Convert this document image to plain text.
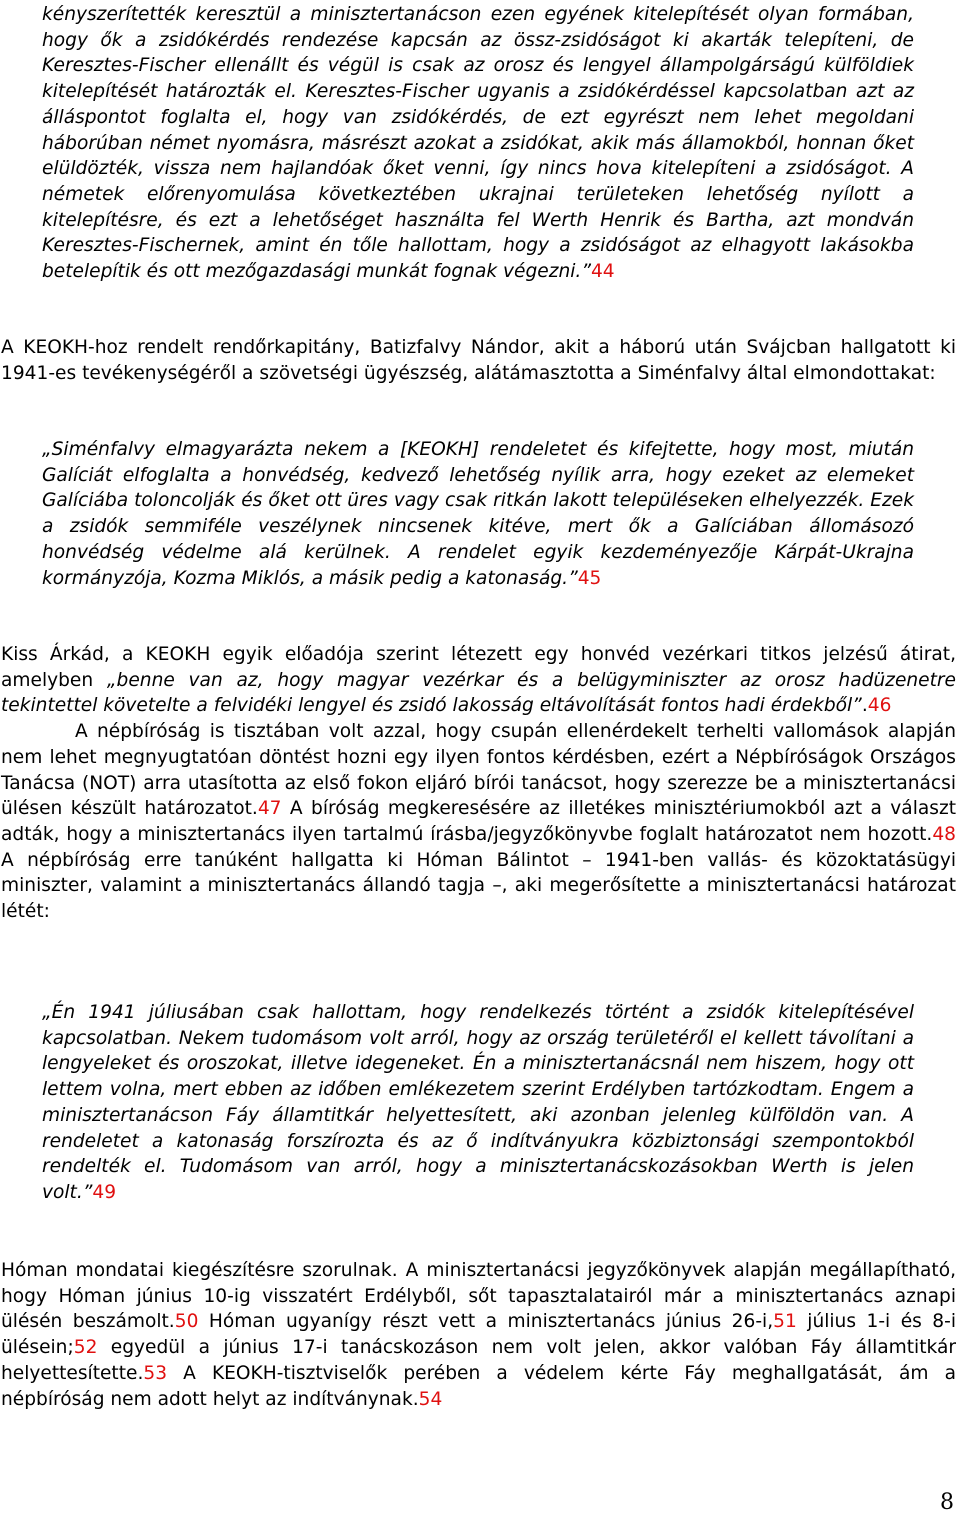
kényszerítették keresztül a minisztertanácson ezen egyének kitelepítését olyan formában, hogy ők a zsidókérdés rendezése kapcsán az össz-zsidóságot ki akarták telepíteni, de Keresztes-Fischer ellenállt és végül is csak az orosz és lengyel állampolgárságú külföldiek kitelepítését határozták el. Keresztes-Fischer ugyanis a zsidókérdéssel kapcsolatban azt az álláspontot foglalta el, hogy van zsidókérdés, de ezt egyrészt nem lehet megoldani háborúban német nyomásra, másrészt azokat a zsidókat, akik más államokból, honnan őket elüldözték, vissza nem hajlandóak őket venni, így nincs hova kitelepíteni a zsidóságot. A németek előrenyomulása következtében ukrajnai területeken lehetőség nyílott a kitelepítésre, és ezt a lehetőséget használta fel Werth Henrik és Bartha, azt mondván Keresztes-Fischernek, amint én tőle hallottam, hogy a zsidóságot az elhagyott lakásokba betelepítik és ott mezőgazdasági munkát fognak végezni.”44

A KEOKH-hoz rendelt rendőrkapitány, Batizfalvy Nándor, akit a háború után Svájcban hallgatott ki 1941-es tevékenységéről a szövetségi ügyészség, alátámasztotta a Siménfalvy által elmondottakat:

„Siménfalvy elmagyarázta nekem a [KEOKH] rendeletet és kifejtette, hogy most, miután Galíciát elfoglalta a honvédség, kedvező lehetőség nyílik arra, hogy ezeket az elemeket Galíciába toloncolják és őket ott üres vagy csak ritkán lakott településeken elhelyezzék. Ezek a zsidók semmiféle veszélynek nincsenek kitéve, mert ők a Galíciában állomásozó honvédség védelme alá kerülnek. A rendelet egyik kezdeményezője Kárpát-Ukrajna kormányzója, Kozma Miklós, a másik pedig a katonaság.”45

Kiss Árkád, a KEOKH egyik előadója szerint létezett egy honvéd vezérkari titkos jelzésű átirat, amelyben „benne van az, hogy magyar vezérkar és a belügyminiszter az orosz hadüzenetre tekintettel követelte a felvidéki lengyel és zsidó lakosság eltávolítását fontos hadi érdekből”.46
A népbíróság is tisztában volt azzal, hogy csupán ellenérdekelt terhelti vallomások alapján nem lehet megnyugtatóan döntést hozni egy ilyen fontos kérdésben, ezért a Népbíróságok Országos Tanácsa (NOT) arra utasította az első fokon eljáró bírói tanácsot, hogy szerezze be a minisztertanácsi ülésen készült határozatot.47 A bíróság megkeresésére az illetékes minisztériumokból azt a választ adták, hogy a minisztertanács ilyen tartalmú írásba/jegyzőkönyvbe foglalt határozatot nem hozott.48 A népbíróság erre tanúként hallgatta ki Hóman Bálintot – 1941-ben vallás- és közoktatásügyi miniszter, valamint a minisztertanács állandó tagja –, aki megerősítette a minisztertanácsi határozat létét:

„Én 1941 júliusában csak hallottam, hogy rendelkezés történt a zsidók kitelepítésével kapcsolatban. Nekem tudomásom volt arról, hogy az ország területéről el kellett távolítani a lengyeleket és oroszokat, illetve idegeneket. Én a minisztertanácsnál nem hiszem, hogy ott lettem volna, mert ebben az időben emlékezetem szerint Erdélyben tartózkodtam. Engem a minisztertanácson Fáy államtitkár helyettesített, aki azonban jelenleg külföldön van. A rendeletet a katonaság forszírozta és az ő indítványukra közbiztonsági szempontokból rendelték el. Tudomásom van arról, hogy a minisztertanácskozásokban Werth is jelen volt.”49

Hóman mondatai kiegészítésre szorulnak. A minisztertanácsi jegyzőkönyvek alapján megállapítható, hogy Hóman június 10-ig visszatért Erdélyből, sőt tapasztalatairól már a minisztertanács aznapi ülésén beszámolt.50 Hóman ugyanígy részt vett a minisztertanács június 26-i,51 július 1-i és 8-i ülésein;52 egyedül a június 17-i tanácskozáson nem volt jelen, akkor valóban Fáy államtitkár helyettesítette.53 A KEOKH-tisztviselők perében a védelem kérte Fáy meghallgatását, ám a népbíróság nem adott helyt az indítványnak.54

8
